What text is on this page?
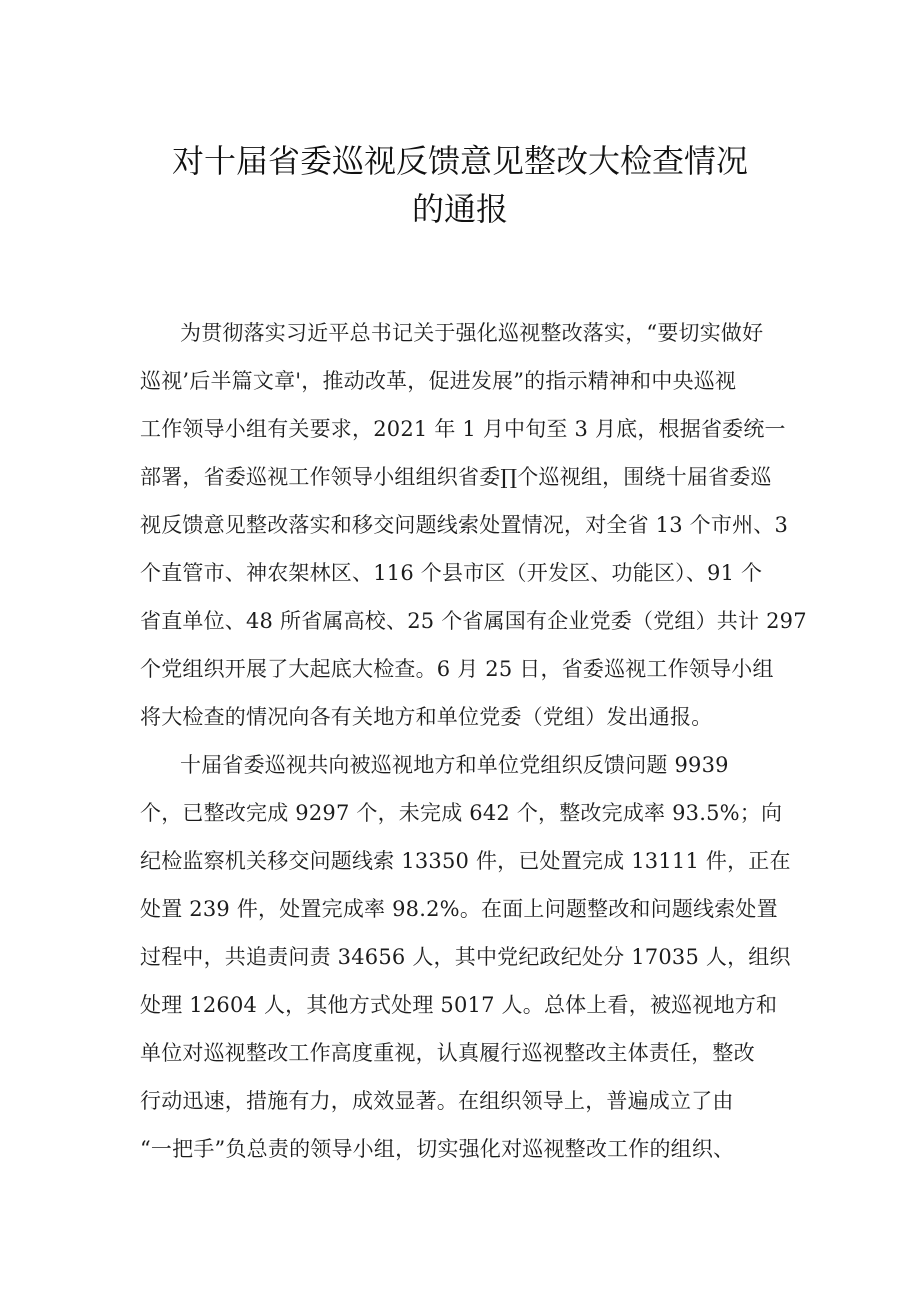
对十届省委巡视反馈意见整改大检查情况
的通报
为贯彻落实习近平总书记关于强化巡视整改落实，“要切实做好
巡视’后半篇文章'，推动改革，促进发展”的指示精神和中央巡视
工作领导小组有关要求，2021 年 1 月中旬至 3 月底，根据省委统一
部署，省委巡视工作领导小组组织省委∏个巡视组，围绕十届省委巡
视反馈意见整改落实和移交问题线索处置情况，对全省 13 个市州、3
个直管市、神农架林区、116 个县市区（开发区、功能区）、91 个
省直单位、48 所省属高校、25 个省属国有企业党委（党组）共计 297
个党组织开展了大起底大检查。6 月 25 日，省委巡视工作领导小组
将大检查的情况向各有关地方和单位党委（党组）发出通报。
十届省委巡视共向被巡视地方和单位党组织反馈问题 9939
个，已整改完成 9297 个，未完成 642 个，整改完成率 93.5%；向
纪检监察机关移交问题线索 13350 件，已处置完成 13111 件，正在
处置 239 件，处置完成率 98.2%。在面上问题整改和问题线索处置
过程中，共追责问责 34656 人，其中党纪政纪处分 17035 人，组织
处理 12604 人，其他方式处理 5017 人。总体上看，被巡视地方和
单位对巡视整改工作高度重视，认真履行巡视整改主体责任，整改
行动迅速，措施有力，成效显著。在组织领导上，普遍成立了由
“一把手”负总责的领导小组，切实强化对巡视整改工作的组织、
